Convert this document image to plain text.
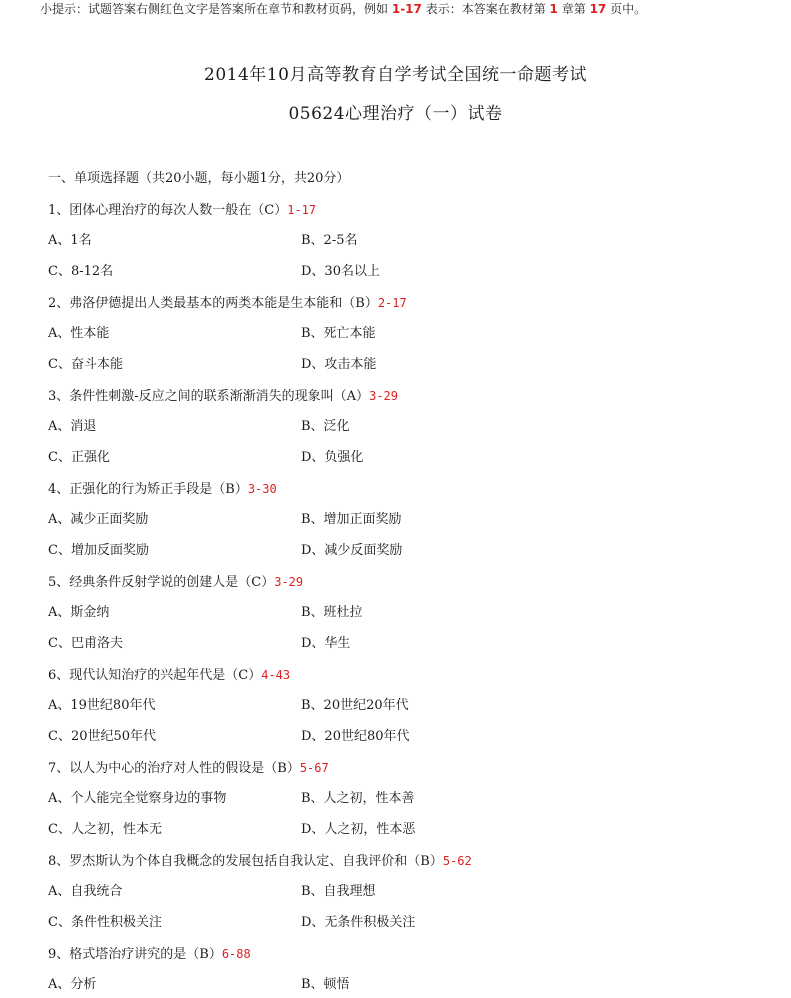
小提示：试题答案右侧红色文字是答案所在章节和教材页码，例如 1-17 表示：本答案在教材第 1 章第 17 页中。
2014年10月高等教育自学考试全国统一命题考试
05624心理治疗（一）试卷
一、单项选择题（共20小题，每小题1分，共20分）
1、团体心理治疗的每次人数一般在（C）1-17
A、1名	B、2-5名
C、8-12名	D、30名以上
2、弗洛伊德提出人类最基本的两类本能是生本能和（B）2-17
A、性本能	B、死亡本能
C、奋斗本能	D、攻击本能
3、条件性刺激-反应之间的联系渐渐消失的现象叫（A）3-29
A、消退	B、泛化
C、正强化	D、负强化
4、正强化的行为矫正手段是（B）3-30
A、减少正面奖励	B、增加正面奖励
C、增加反面奖励	D、减少反面奖励
5、经典条件反射学说的创建人是（C）3-29
A、斯金纳	B、班杜拉
C、巴甫洛夫	D、华生
6、现代认知治疗的兴起年代是（C）4-43
A、19世纪80年代	B、20世纪20年代
C、20世纪50年代	D、20世纪80年代
7、以人为中心的治疗对人性的假设是（B）5-67
A、个人能完全觉察身边的事物	B、人之初，性本善
C、人之初，性本无	D、人之初，性本恶
8、罗杰斯认为个体自我概念的发展包括自我认定、自我评价和（B）5-62
A、自我统合	B、自我理想
C、条件性积极关注	D、无条件积极关注
9、格式塔治疗讲究的是（B）6-88
A、分析	B、顿悟
